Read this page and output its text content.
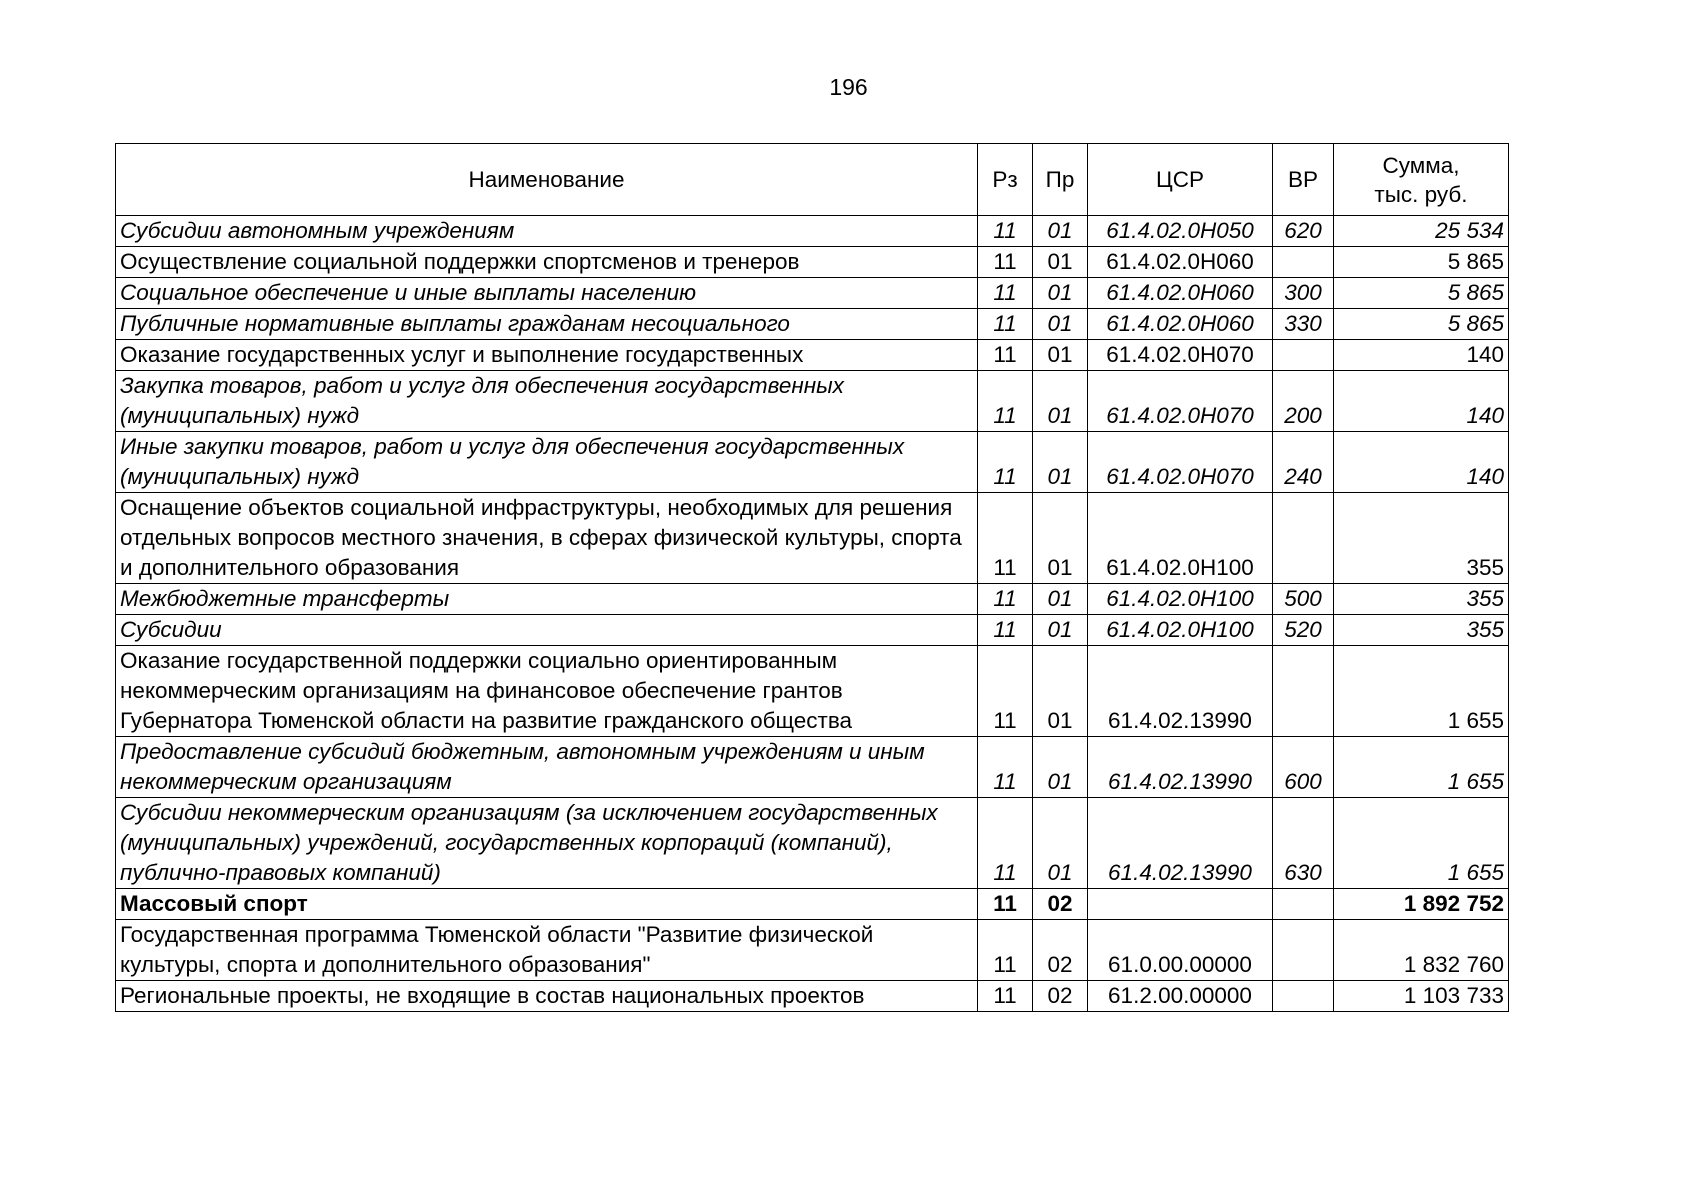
196
Наименование	Рз	Пр	ЦСР	ВР	Сумма,
тыс. руб.
Субсидии автономным учреждениям	11	01	61.4.02.0Н050	620	25 534
Осуществление социальной поддержки спортсменов и тренеров	11	01	61.4.02.0Н060		5 865
Социальное обеспечение и иные выплаты населению	11	01	61.4.02.0Н060	300	5 865
Публичные нормативные выплаты гражданам несоциального	11	01	61.4.02.0Н060	330	5 865
Оказание государственных услуг и выполнение государственных	11	01	61.4.02.0Н070		140
Закупка товаров, работ и услуг для обеспечения государственных (муниципальных) нужд	11	01	61.4.02.0Н070	200	140
Иные закупки товаров, работ и услуг для обеспечения государственных (муниципальных) нужд	11	01	61.4.02.0Н070	240	140
Оснащение объектов социальной инфраструктуры, необходимых для решения отдельных вопросов местного значения, в сферах физической культуры, спорта и дополнительного образования	11	01	61.4.02.0Н100		355
Межбюджетные трансферты	11	01	61.4.02.0Н100	500	355
Субсидии	11	01	61.4.02.0Н100	520	355
Оказание государственной поддержки социально ориентированным некоммерческим организациям на финансовое обеспечение грантов Губернатора Тюменской области на развитие гражданского общества	11	01	61.4.02.13990		1 655
Предоставление субсидий бюджетным, автономным учреждениям и иным некоммерческим организациям	11	01	61.4.02.13990	600	1 655
Субсидии некоммерческим организациям (за исключением государственных (муниципальных) учреждений, государственных корпораций (компаний), публично-правовых компаний)	11	01	61.4.02.13990	630	1 655
Массовый спорт	11	02			1 892 752
Государственная программа Тюменской области "Развитие физической культуры, спорта и дополнительного образования"	11	02	61.0.00.00000		1 832 760
Региональные проекты, не входящие в состав национальных проектов	11	02	61.2.00.00000		1 103 733
